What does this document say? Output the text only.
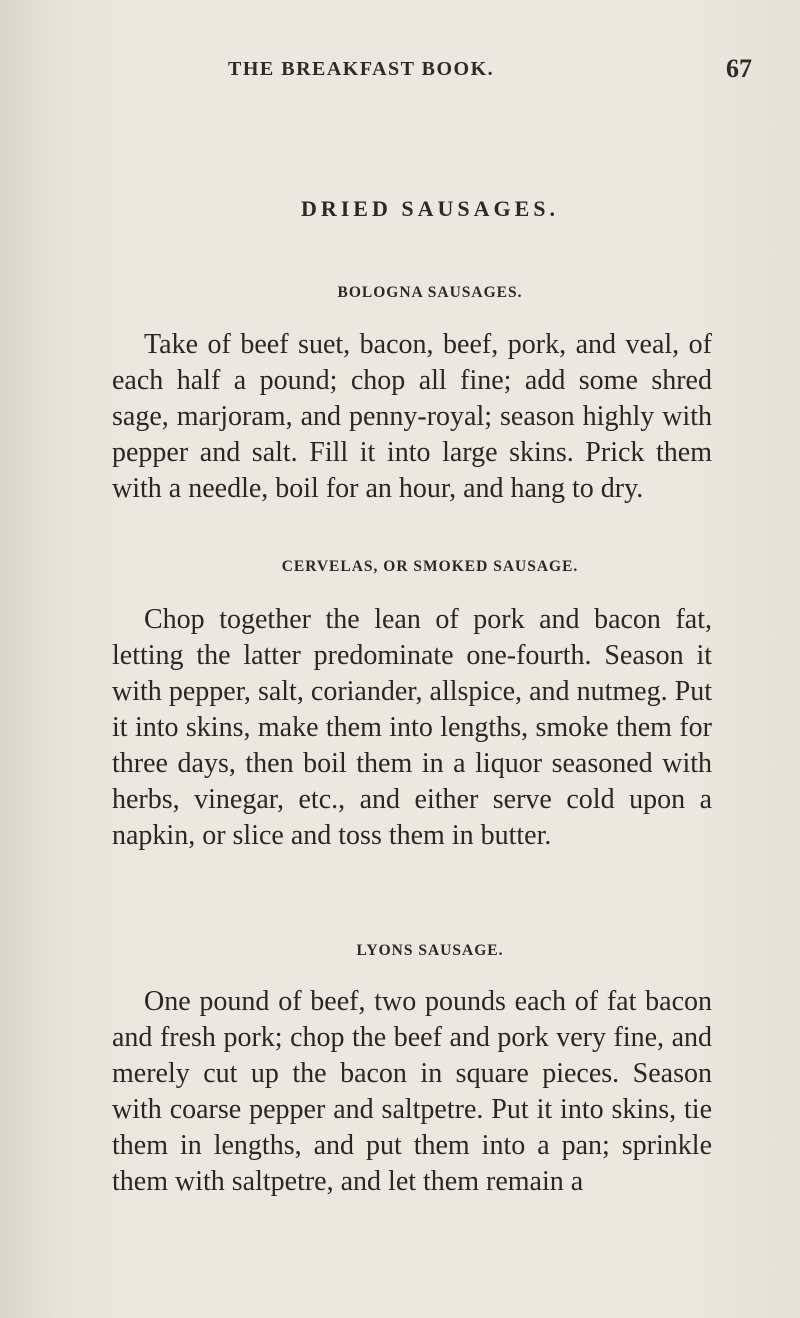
THE BREAKFAST BOOK.	67
DRIED SAUSAGES.
BOLOGNA SAUSAGES.

Take of beef suet, bacon, beef, pork, and veal, of each half a pound; chop all fine; add some shred sage, marjoram, and penny-royal; season highly with pepper and salt. Fill it into large skins. Prick them with a needle, boil for an hour, and hang to dry.

CERVELAS, OR SMOKED SAUSAGE.

Chop together the lean of pork and bacon fat, letting the latter predominate one-fourth. Season it with pepper, salt, coriander, allspice, and nutmeg. Put it into skins, make them into lengths, smoke them for three days, then boil them in a liquor seasoned with herbs, vinegar, etc., and either serve cold upon a napkin, or slice and toss them in butter.

LYONS SAUSAGE.

One pound of beef, two pounds each of fat bacon and fresh pork; chop the beef and pork very fine, and merely cut up the bacon in square pieces. Season with coarse pepper and saltpetre. Put it into skins, tie them in lengths, and put them into a pan; sprinkle them with saltpetre, and let them remain a
